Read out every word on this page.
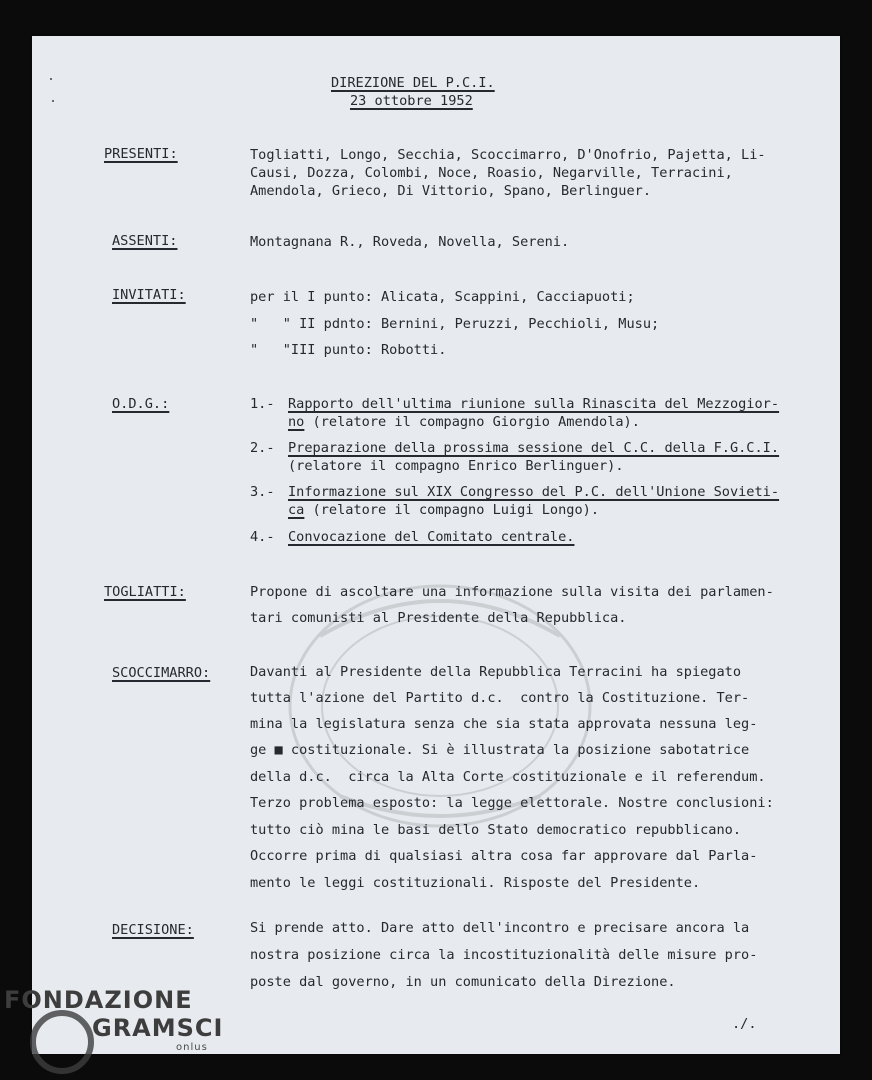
DIREZIONE DEL P.C.I.
23 ottobre 1952
PRESENTI:	Togliatti, Longo, Secchia, Scoccimarro, D'Onofrio, Pajetta, Li-
Causi, Dozza, Colombi, Noce, Roasio, Negarville, Terracini,
Amendola, Grieco, Di Vittorio, Spano, Berlinguer.
ASSENTI:	Montagnana R., Roveda, Novella, Sereni.
INVITATI:	per il I punto: Alicata, Scappini, Cacciapuoti;
"   " II pdnto: Bernini, Peruzzi, Pecchioli, Musu;
"   "III punto: Robotti.
O.D.G.:	1.- Rapporto dell'ultima riunione sulla Rinascita del Mezzogior-
no (relatore il compagno Giorgio Amendola).
2.- Preparazione della prossima sessione del C.C. della F.G.C.I.
(relatore il compagno Enrico Berlinguer).
3.- Informazione sul XIX Congresso del P.C. dell'Unione Sovieti-
ca (relatore il compagno Luigi Longo).
4.- Convocazione del Comitato centrale.
TOGLIATTI:	Propone di ascoltare una informazione sulla visita dei parlamen-
tari comunisti al Presidente della Repubblica.
SCOCCIMARRO:	Davanti al Presidente della Repubblica Terracini ha spiegato
tutta l'azione del Partito d.c.  contro la Costituzione. Ter-
mina la legislatura senza che sia stata approvata nessuna leg-
ge ■ costituzionale. Si è illustrata la posizione sabotatrice
della d.c.  circa la Alta Corte costituzionale e il referendum.
Terzo problema esposto: la legge elettorale. Nostre conclusioni:
tutto ciò mina le basi dello Stato democratico repubblicano.
Occorre prima di qualsiasi altra cosa far approvare dal Parla-
mento le leggi costituzionali. Risposte del Presidente.
DECISIONE:	Si prende atto. Dare atto dell'incontro e precisare ancora la
nostra posizione circa la incostituzionalità delle misure pro-
poste dal governo, in un comunicato della Direzione.
./.
FONDAZIONE
GRAMSCI
onlus
